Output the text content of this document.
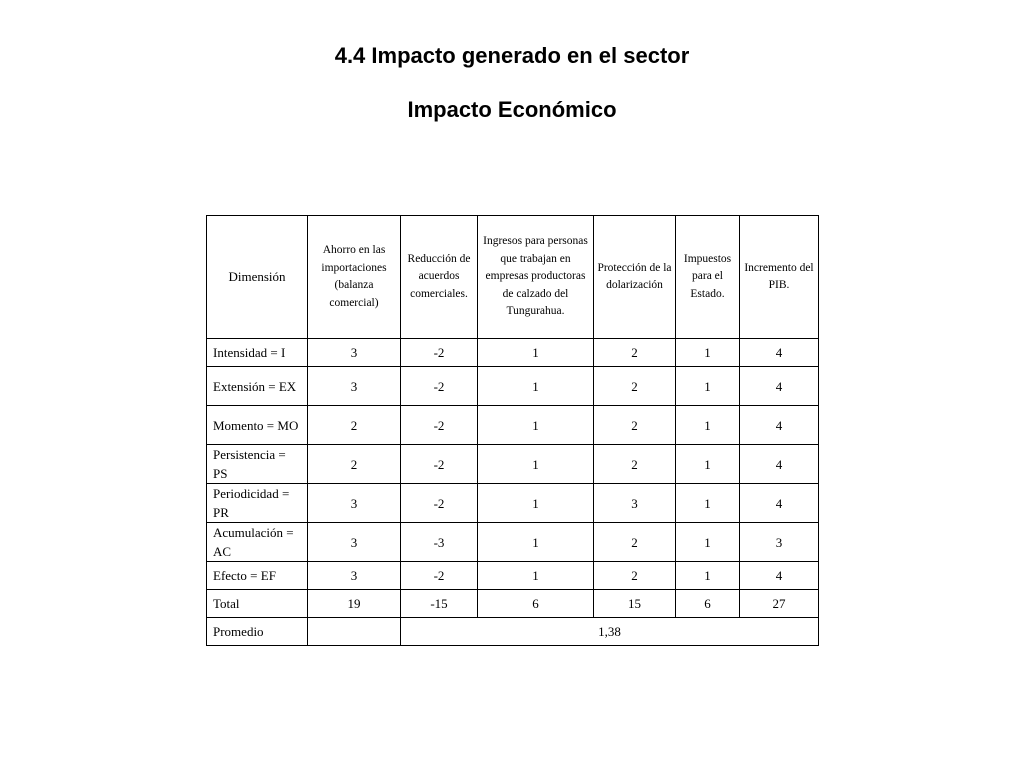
4.4 Impacto generado en el sector
Impacto Económico
Dimensión	Ahorro en las importaciones (balanza comercial)	Reducción de acuerdos comerciales.	Ingresos para personas que trabajan en empresas productoras de calzado del Tungurahua.	Protección de la dolarización	Impuestos para el Estado.	Incremento del PIB.
Intensidad = I	3	-2	1	2	1	4
Extensión = EX	3	-2	1	2	1	4
Momento = MO	2	-2	1	2	1	4
Persistencia = PS	2	-2	1	2	1	4
Periodicidad = PR	3	-2	1	3	1	4
Acumulación = AC	3	-3	1	2	1	3
Efecto = EF	3	-2	1	2	1	4
Total	19	-15	6	15	6	27
Promedio		1,38				
